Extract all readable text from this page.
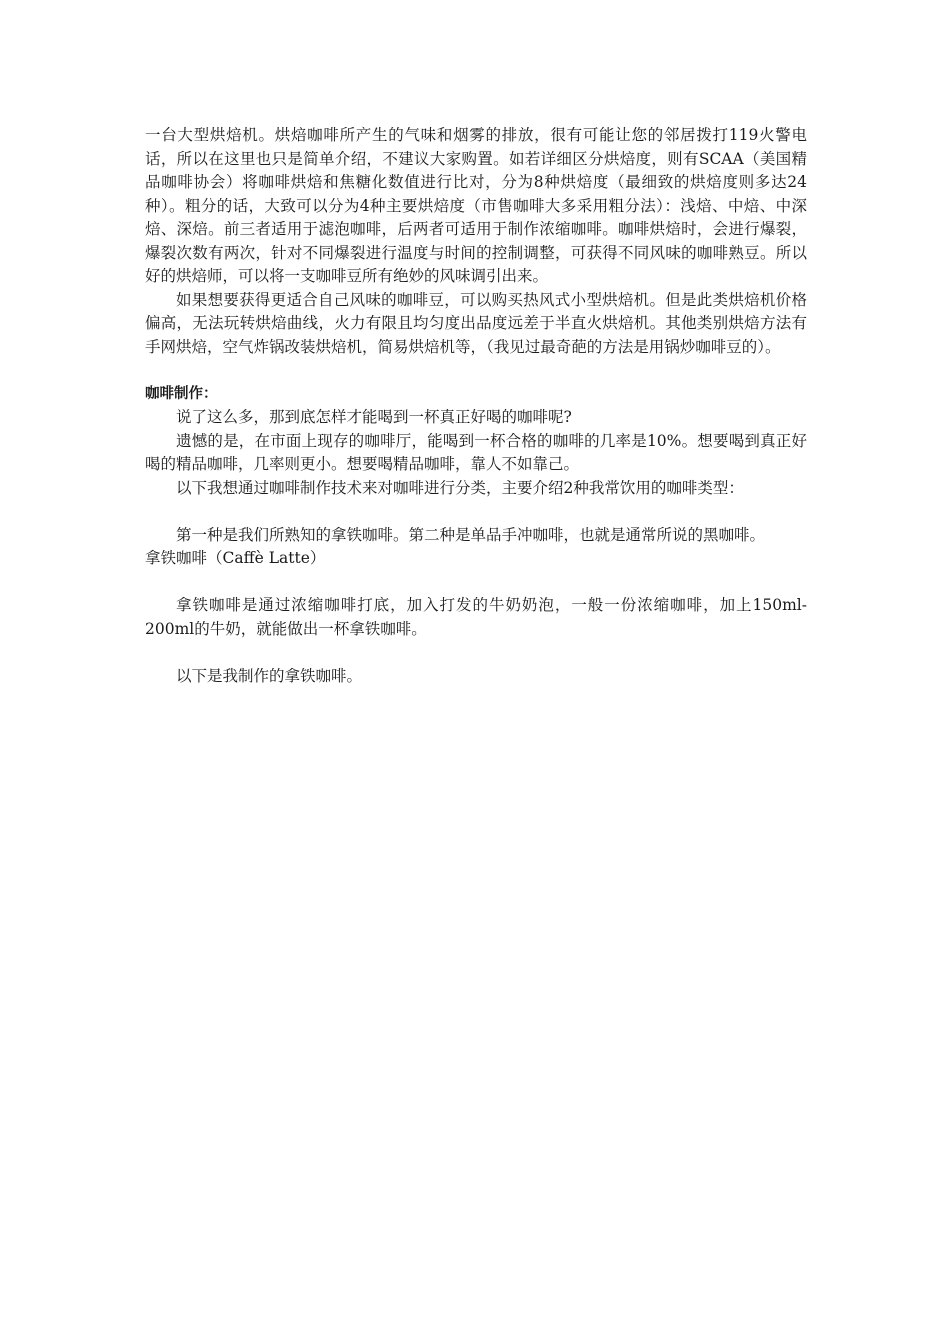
一台大型烘焙机。烘焙咖啡所产生的气味和烟雾的排放，很有可能让您的邻居拨打119火警电话，所以在这里也只是简单介绍，不建议大家购置。如若详细区分烘焙度，则有SCAA（美国精品咖啡协会）将咖啡烘焙和焦糖化数值进行比对，分为8种烘焙度（最细致的烘焙度则多达24种）。粗分的话，大致可以分为4种主要烘焙度（市售咖啡大多采用粗分法）：浅焙、中焙、中深焙、深焙。前三者适用于滤泡咖啡，后两者可适用于制作浓缩咖啡。咖啡烘焙时，会进行爆裂，爆裂次数有两次，针对不同爆裂进行温度与时间的控制调整，可获得不同风味的咖啡熟豆。所以好的烘焙师，可以将一支咖啡豆所有绝妙的风味调引出来。

如果想要获得更适合自己风味的咖啡豆，可以购买热风式小型烘焙机。但是此类烘焙机价格偏高，无法玩转烘焙曲线，火力有限且均匀度出品度远差于半直火烘焙机。其他类别烘焙方法有手网烘焙，空气炸锅改装烘焙机，简易烘焙机等，（我见过最奇葩的方法是用锅炒咖啡豆的）。

咖啡制作：

说了这么多，那到底怎样才能喝到一杯真正好喝的咖啡呢?

遗憾的是，在市面上现存的咖啡厅，能喝到一杯合格的咖啡的几率是10%。想要喝到真正好喝的精品咖啡，几率则更小。想要喝精品咖啡，靠人不如靠己。

以下我想通过咖啡制作技术来对咖啡进行分类，主要介绍2种我常饮用的咖啡类型：

第一种是我们所熟知的拿铁咖啡。第二种是单品手冲咖啡，也就是通常所说的黑咖啡。

拿铁咖啡（Caffè Latte）

拿铁咖啡是通过浓缩咖啡打底，加入打发的牛奶奶泡，一般一份浓缩咖啡，加上150ml-200ml的牛奶，就能做出一杯拿铁咖啡。

以下是我制作的拿铁咖啡。
